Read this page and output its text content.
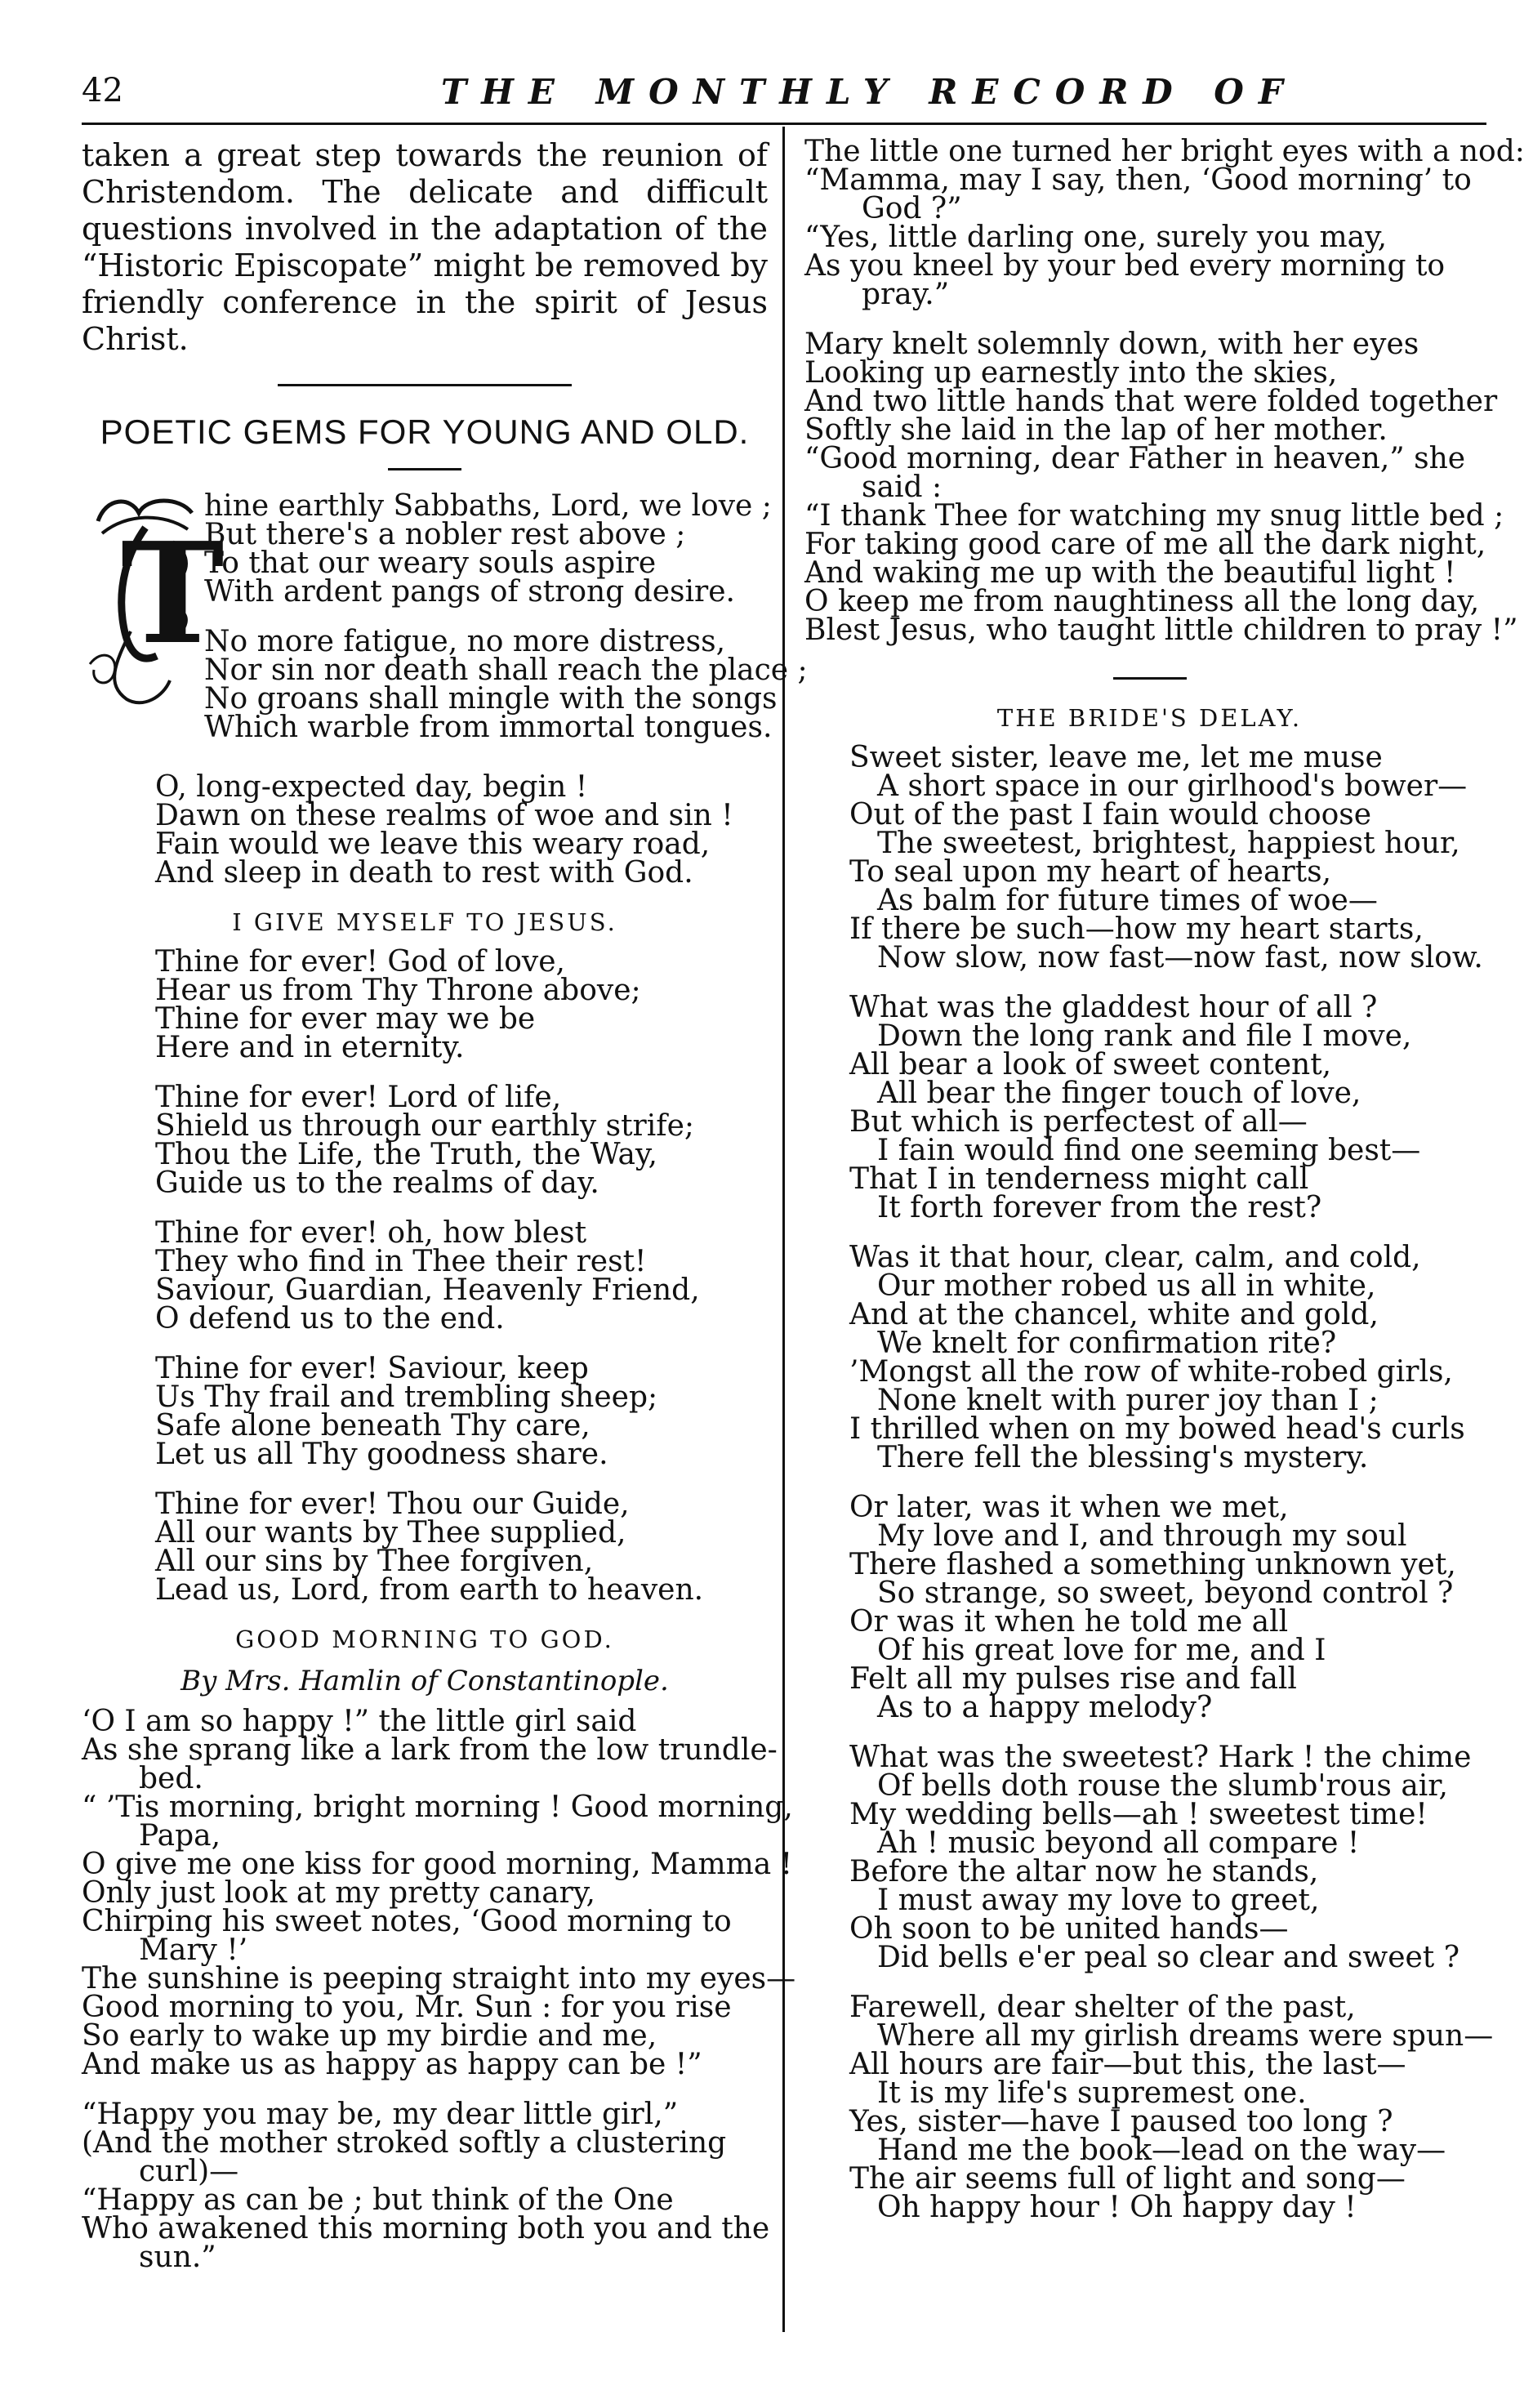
42	THE MONTHLY RECORD OF

taken a great step towards the reunion of Christendom. The delicate and difficult questions involved in the adaptation of the “Historic Episcopate” might be removed by friendly conference in the spirit of Jesus Christ.

POETIC GEMS FOR YOUNG AND OLD.
T
hine earthly Sabbaths, Lord, we love ;
But there's a nobler rest above ;
To that our weary souls aspire
With ardent pangs of strong desire.
No more fatigue, no more distress,
Nor sin nor death shall reach the place ;
No groans shall mingle with the songs
Which warble from immortal tongues.
O, long-expected day, begin !
Dawn on these realms of woe and sin !
Fain would we leave this weary road,
And sleep in death to rest with God.
I GIVE MYSELF TO JESUS.
Thine for ever! God of love,
Hear us from Thy Throne above;
Thine for ever may we be
Here and in eternity.
Thine for ever! Lord of life,
Shield us through our earthly strife;
Thou the Life, the Truth, the Way,
Guide us to the realms of day.
Thine for ever! oh, how blest
They who find in Thee their rest!
Saviour, Guardian, Heavenly Friend,
O defend us to the end.
Thine for ever! Saviour, keep
Us Thy frail and trembling sheep;
Safe alone beneath Thy care,
Let us all Thy goodness share.
Thine for ever! Thou our Guide,
All our wants by Thee supplied,
All our sins by Thee forgiven,
Lead us, Lord, from earth to heaven.
GOOD MORNING TO GOD.
By Mrs. Hamlin of Constantinople.
‘O I am so happy !” the little girl said
As she sprang like a lark from the low trundle-
bed.
“ ’Tis morning, bright morning ! Good morning,
Papa,
O give me one kiss for good morning, Mamma !
Only just look at my pretty canary,
Chirping his sweet notes, ‘Good morning to
Mary !’
The sunshine is peeping straight into my eyes—
Good morning to you, Mr. Sun : for you rise
So early to wake up my birdie and me,
And make us as happy as happy can be !”
“Happy you may be, my dear little girl,”
(And the mother stroked softly a clustering
curl)—
“Happy as can be ; but think of the One
Who awakened this morning both you and the
sun.”
The little one turned her bright eyes with a nod:
“Mamma, may I say, then, ‘Good morning’ to
God ?”
“Yes, little darling one, surely you may,
As you kneel by your bed every morning to
pray.”
Mary knelt solemnly down, with her eyes
Looking up earnestly into the skies,
And two little hands that were folded together
Softly she laid in the lap of her mother.
“Good morning, dear Father in heaven,” she
said :
“I thank Thee for watching my snug little bed ;
For taking good care of me all the dark night,
And waking me up with the beautiful light !
O keep me from naughtiness all the long day,
Blest Jesus, who taught little children to pray !”
THE BRIDE'S DELAY.
Sweet sister, leave me, let me muse
A short space in our girlhood's bower—
Out of the past I fain would choose
The sweetest, brightest, happiest hour,
To seal upon my heart of hearts,
As balm for future times of woe—
If there be such—how my heart starts,
Now slow, now fast—now fast, now slow.
What was the gladdest hour of all ?
Down the long rank and file I move,
All bear a look of sweet content,
All bear the finger touch of love,
But which is perfectest of all—
I fain would find one seeming best—
That I in tenderness might call
It forth forever from the rest?
Was it that hour, clear, calm, and cold,
Our mother robed us all in white,
And at the chancel, white and gold,
We knelt for confirmation rite?
’Mongst all the row of white-robed girls,
None knelt with purer joy than I ;
I thrilled when on my bowed head's curls
There fell the blessing's mystery.
Or later, was it when we met,
My love and I, and through my soul
There flashed a something unknown yet,
So strange, so sweet, beyond control ?
Or was it when he told me all
Of his great love for me, and I
Felt all my pulses rise and fall
As to a happy melody?
What was the sweetest? Hark ! the chime
Of bells doth rouse the slumb'rous air,
My wedding bells—ah ! sweetest time!
Ah ! music beyond all compare !
Before the altar now he stands,
I must away my love to greet,
Oh soon to be united hands—
Did bells e'er peal so clear and sweet ?
Farewell, dear shelter of the past,
Where all my girlish dreams were spun—
All hours are fair—but this, the last—
It is my life's supremest one.
Yes, sister—have I paused too long ?
Hand me the book—lead on the way—
The air seems full of light and song—
Oh happy hour ! Oh happy day !
